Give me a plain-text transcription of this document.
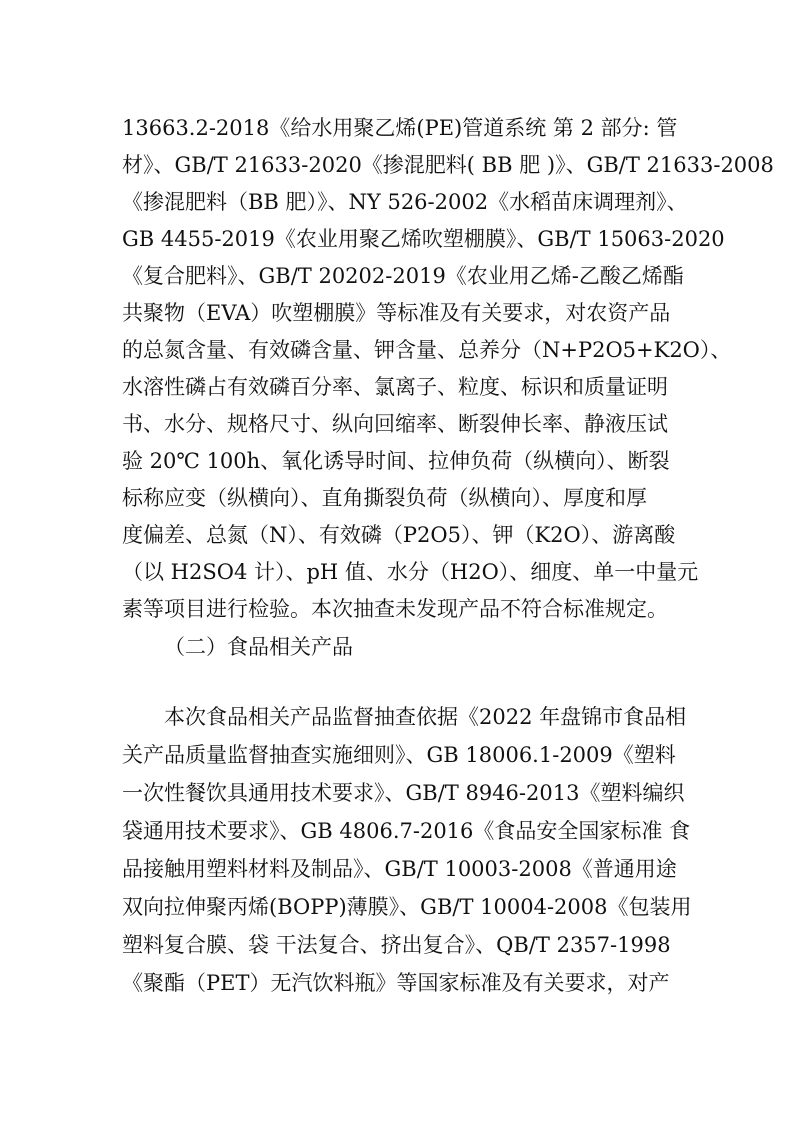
13663.2-2018《给水用聚乙烯(PE)管道系统 第 2 部分: 管
材》、GB/T 21633-2020《掺混肥料( BB 肥 )》、GB/T 21633-2008
《掺混肥料（BB 肥）》、NY 526-2002《水稻苗床调理剂》、
GB 4455-2019《农业用聚乙烯吹塑棚膜》、GB/T 15063-2020
《复合肥料》、GB/T 20202-2019《农业用乙烯-乙酸乙烯酯
共聚物（EVA）吹塑棚膜》等标准及有关要求，对农资产品
的总氮含量、有效磷含量、钾含量、总养分（N+P2O5+K2O）、
水溶性磷占有效磷百分率、氯离子、粒度、标识和质量证明
书、水分、规格尺寸、纵向回缩率、断裂伸长率、静液压试
验 20℃ 100h、氧化诱导时间、拉伸负荷（纵横向）、断裂
标称应变（纵横向）、直角撕裂负荷（纵横向）、厚度和厚
度偏差、总氮（N）、有效磷（P2O5）、钾（K2O）、游离酸
（以 H2SO4 计）、pH 值、水分（H2O）、细度、单一中量元
素等项目进行检验。本次抽查未发现产品不符合标准规定。
（二）食品相关产品
本次食品相关产品监督抽查依据《2022 年盘锦市食品相
关产品质量监督抽查实施细则》、GB 18006.1-2009《塑料
一次性餐饮具通用技术要求》、GB/T 8946-2013《塑料编织
袋通用技术要求》、GB 4806.7-2016《食品安全国家标准 食
品接触用塑料材料及制品》、GB/T 10003-2008《普通用途
双向拉伸聚丙烯(BOPP)薄膜》、GB/T 10004-2008《包装用
塑料复合膜、袋 干法复合、挤出复合》、QB/T 2357-1998
《聚酯（PET）无汽饮料瓶》等国家标准及有关要求，对产
